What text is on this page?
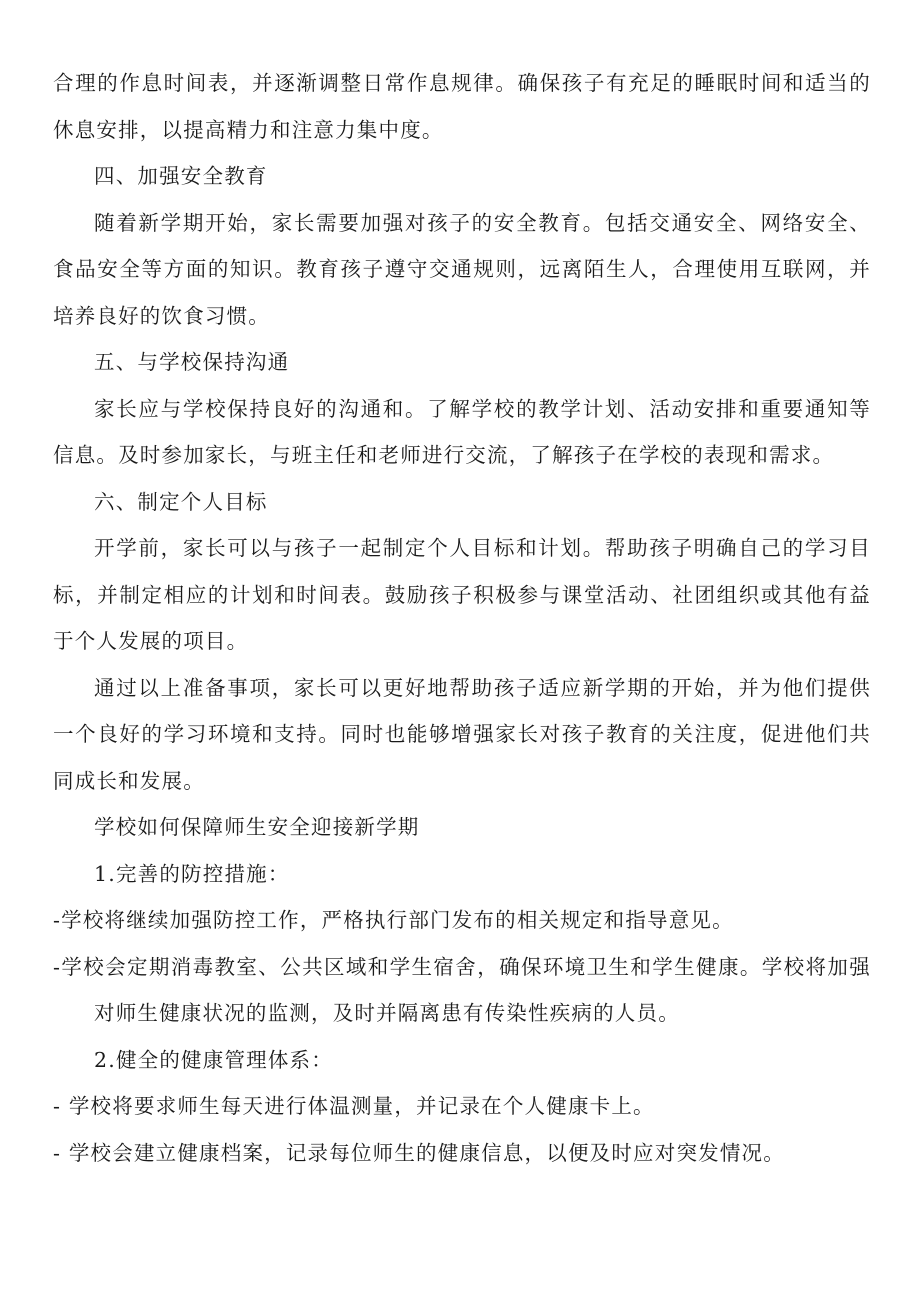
合理的作息时间表，并逐渐调整日常作息规律。确保孩子有充足的睡眠时间和适当的休息安排，以提高精力和注意力集中度。

四、加强安全教育

随着新学期开始，家长需要加强对孩子的安全教育。包括交通安全、网络安全、食品安全等方面的知识。教育孩子遵守交通规则，远离陌生人，合理使用互联网，并培养良好的饮食习惯。

五、与学校保持沟通

家长应与学校保持良好的沟通和。了解学校的教学计划、活动安排和重要通知等信息。及时参加家长，与班主任和老师进行交流，了解孩子在学校的表现和需求。

六、制定个人目标

开学前，家长可以与孩子一起制定个人目标和计划。帮助孩子明确自己的学习目标，并制定相应的计划和时间表。鼓励孩子积极参与课堂活动、社团组织或其他有益于个人发展的项目。

通过以上准备事项，家长可以更好地帮助孩子适应新学期的开始，并为他们提供一个良好的学习环境和支持。同时也能够增强家长对孩子教育的关注度，促进他们共同成长和发展。

学校如何保障师生安全迎接新学期

1.完善的防控措施：

-学校将继续加强防控工作，严格执行部门发布的相关规定和指导意见。

-学校会定期消毒教室、公共区域和学生宿舍，确保环境卫生和学生健康。学校将加强对师生健康状况的监测，及时并隔离患有传染性疾病的人员。

2.健全的健康管理体系：

- 学校将要求师生每天进行体温测量，并记录在个人健康卡上。

- 学校会建立健康档案，记录每位师生的健康信息，以便及时应对突发情况。
